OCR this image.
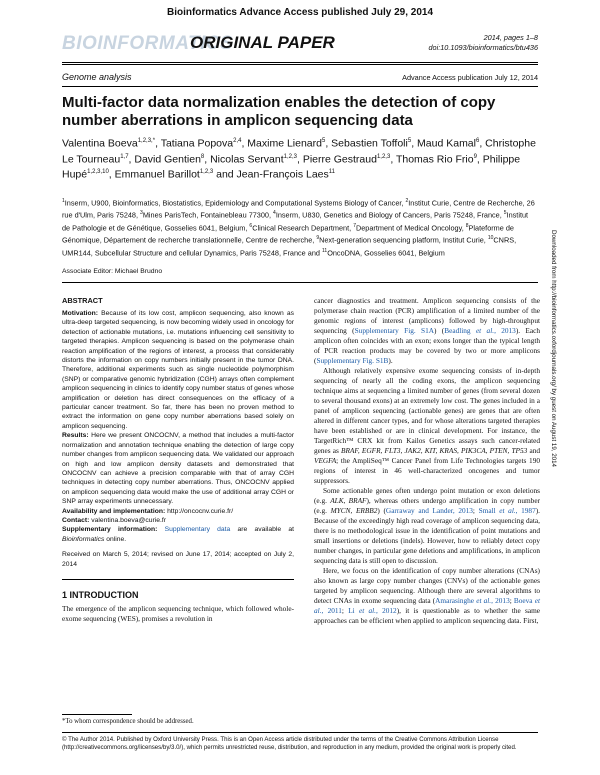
Bioinformatics Advance Access published July 29, 2014
BIOINFORMATICS
ORIGINAL PAPER	2014, pages 1–8
doi:10.1093/bioinformatics/btu436
Genome analysis	Advance Access publication July 12, 2014
Multi-factor data normalization enables the detection of copy number aberrations in amplicon sequencing data
Valentina Boeva$^{1,2,3,*}$, Tatiana Popova$^{2,4}$, Maxime Lienard$^5$, Sebastien Toffoli$^5$, Maud Kamal$^6$, Christophe Le Tourneau$^{1,7}$, David Gentien$^8$, Nicolas Servant$^{1,2,3}$, Pierre Gestraud$^{1,2,3}$, Thomas Rio Frio$^9$, Philippe Hupé$^{1,2,3,10}$, Emmanuel Barillot$^{1,2,3}$ and Jean-François Laes$^{11}$
$^1$Inserm, U900, Bioinformatics, Biostatistics, Epidemiology and Computational Systems Biology of Cancer, $^2$Institut Curie, Centre de Recherche, 26 rue d'Ulm, Paris 75248, $^3$Mines ParisTech, Fontainebleau 77300, $^4$Inserm, U830, Genetics and Biology of Cancers, Paris 75248, France, $^5$Institut de Pathologie et de Génétique, Gosselies 6041, Belgium, $^6$Clinical Research Department, $^7$Department of Medical Oncology, $^8$Plateforme de Génomique, Département de recherche translationnelle, Centre de recherche, $^9$Next-generation sequencing platform, Institut Curie, $^{10}$CNRS, UMR144, Subcellular Structure and cellular Dynamics, Paris 75248, France and $^{11}$OncoDNA, Gosselies 6041, Belgium
Associate Editor: Michael Brudno
ABSTRACT

Motivation: Because of its low cost, amplicon sequencing, also known as ultra-deep targeted sequencing, is now becoming widely used in oncology for detection of actionable mutations, i.e. mutations influencing cell sensitivity to targeted therapies. Amplicon sequencing is based on the polymerase chain reaction amplification of the regions of interest, a process that considerably distorts the information on copy numbers initially present in the tumor DNA. Therefore, additional experiments such as single nucleotide polymorphism (SNP) or comparative genomic hybridization (CGH) arrays often complement amplicon sequencing in clinics to identify copy number status of genes whose amplification or deletion has direct consequences on the efficacy of a particular cancer treatment. So far, there has been no proven method to extract the information on gene copy number aberrations based solely on amplicon sequencing.

Results: Here we present ONCOCNV, a method that includes a multi-factor normalization and annotation technique enabling the detection of large copy number changes from amplicon sequencing data. We validated our approach on high and low amplicon density datasets and demonstrated that ONCOCNV can achieve a precision comparable with that of array CGH techniques in detecting copy number aberrations. Thus, ONCOCNV applied on amplicon sequencing data would make the use of additional array CGH or SNP array experiments unnecessary.

Availability and implementation: http://oncocnv.curie.fr/

Contact: valentina.boeva@curie.fr

Supplementary information: Supplementary data are available at Bioinformatics online.

Received on March 5, 2014; revised on June 17, 2014; accepted on July 2, 2014

1 INTRODUCTION

The emergence of the amplicon sequencing technique, which followed whole-exome sequencing (WES), promises a revolution in

cancer diagnostics and treatment. Amplicon sequencing consists of the polymerase chain reaction (PCR) amplification of a limited number of the genomic regions of interest (amplicons) followed by high-throughput sequencing (Supplementary Fig. S1A) (Beadling et al., 2013). Each amplicon often coincides with an exon; exons longer than the typical length of PCR reaction products may be covered by two or more amplicons (Supplementary Fig. S1B).

Although relatively expensive exome sequencing consists of in-depth sequencing of nearly all the coding exons, the amplicon sequencing technique aims at sequencing a limited number of genes (from several dozen to several thousand exons) at an extremely low cost. The genes included in a panel of amplicon sequencing (actionable genes) are genes that are often altered in different cancer types, and for whose alterations targeted therapies have been established or are in clinical development. For instance, the TargetRich™ CRX kit from Kailos Genetics assays such cancer-related genes as BRAF, EGFR, FLT3, JAK2, KIT, KRAS, PIK3CA, PTEN, TP53 and VEGFA; the AmpliSeq™ Cancer Panel from Life Technologies targets 190 regions of interest in 46 well-characterized oncogenes and tumor suppressors.

Some actionable genes often undergo point mutation or exon deletions (e.g. ALK, BRAF), whereas others undergo amplification in copy number (e.g. MYCN, ERBB2) (Garraway and Lander, 2013; Small et al., 1987). Because of the exceedingly high read coverage of amplicon sequencing data, there is no methodological issue in the identification of point mutations and small insertions or deletions (indels). However, how to reliably detect copy number changes, in particular gene deletions and amplifications, in amplicon sequencing data is still open to discussion.

Here, we focus on the identification of copy number alterations (CNAs) also known as large copy number changes (CNVs) of the actionable genes targeted by amplicon sequencing. Although there are several algorithms to detect CNAs in exome sequencing data (Amarasinghe et al., 2013; Boeva et al., 2011; Li et al., 2012), it is questionable as to whether the same approaches can be efficient when applied to amplicon sequencing data. First,

*To whom correspondence should be addressed.
© The Author 2014. Published by Oxford University Press. This is an Open Access article distributed under the terms of the Creative Commons Attribution License (http://creativecommons.org/licenses/by/3.0/), which permits unrestricted reuse, distribution, and reproduction in any medium, provided the original work is properly cited.
Downloaded from http://bioinformatics.oxfordjournals.org/ by guest on August 19, 2014
